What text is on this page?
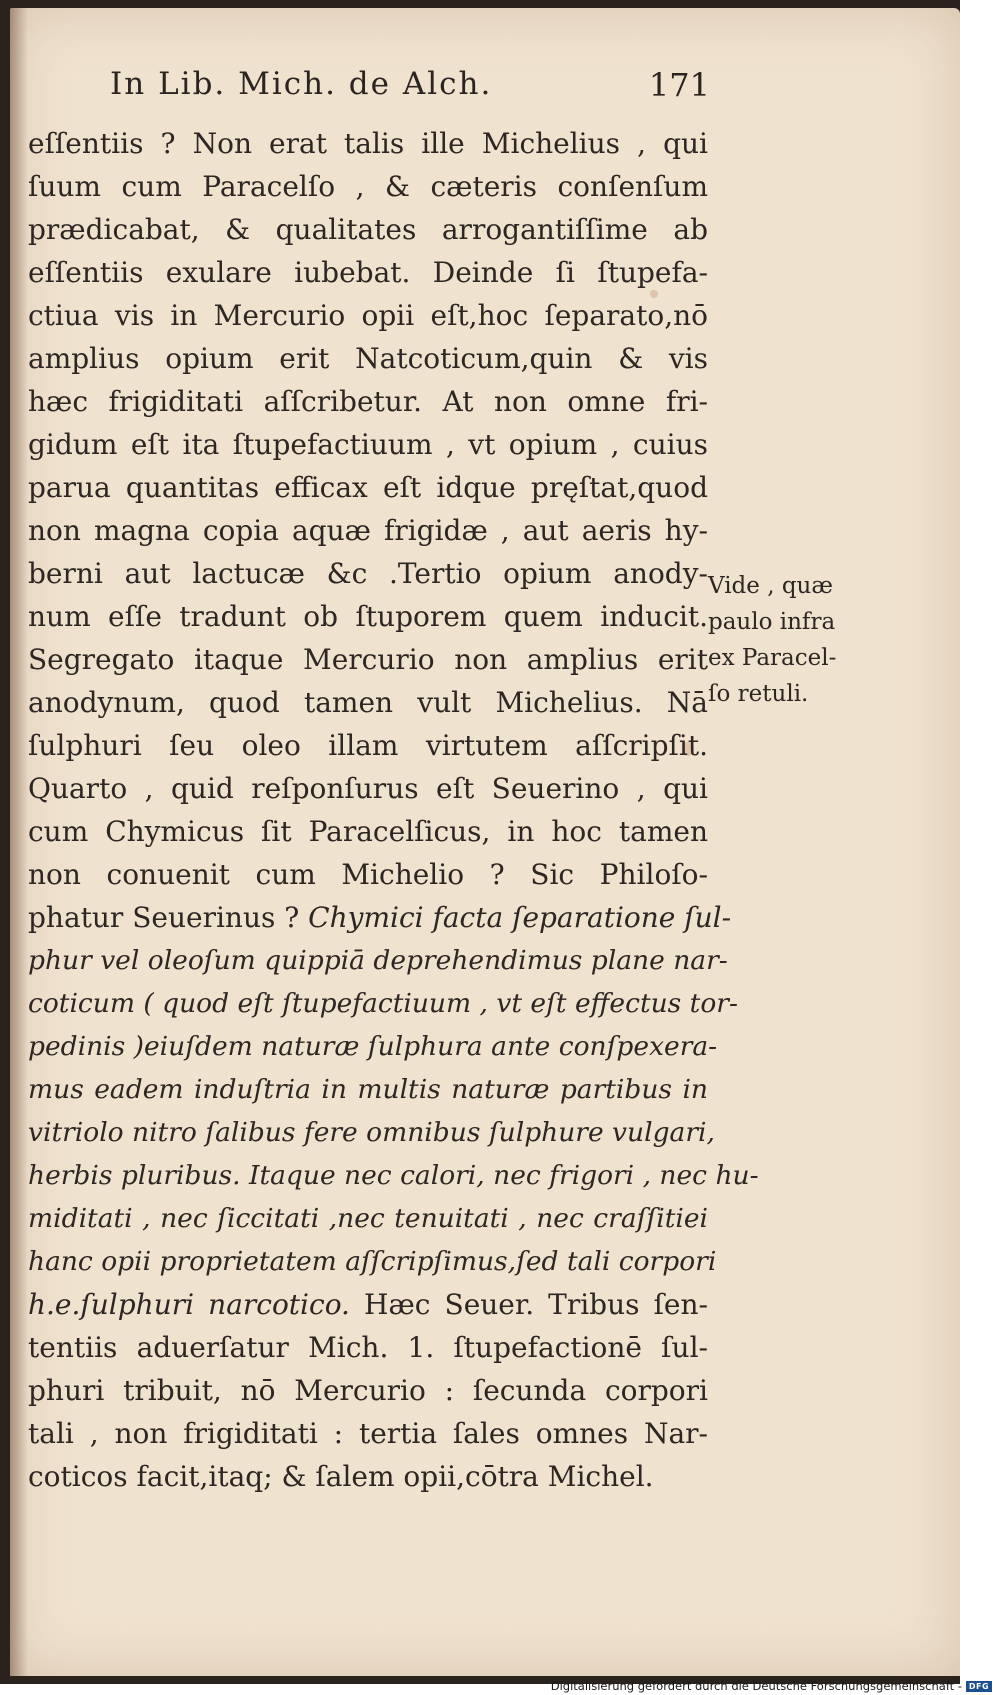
In Lib. Mich. de Alch.	171
eſſentiis ? Non erat talis ille Michelius , qui
ſuum cum Paracelſo , & cæteris conſenſum
prædicabat, & qualitates arrogantiſſime ab
eſſentiis exulare iubebat. Deinde ſi ſtupefa-
ctiua vis in Mercurio opii eſt,hoc ſeparato,nō
amplius opium erit Natcoticum,quin & vis
hæc frigiditati aſſcribetur. At non omne fri-
gidum eſt ita ſtupefactiuum , vt opium , cuius
parua quantitas efficax eſt idque pręſtat,quod
non magna copia aquæ frigidæ , aut aeris hy-
berni aut lactucæ &c .Tertio opium anody-
num eſſe tradunt ob ſtuporem quem inducit.
Segregato itaque Mercurio non amplius erit
anodynum, quod tamen vult Michelius. Nā
ſulphuri ſeu oleo illam virtutem aſſcripſit.
Quarto , quid reſponſurus eſt Seuerino , qui
cum Chymicus ſit Paracelſicus, in hoc tamen
non conuenit cum Michelio ? Sic Philoſo-
phatur Seuerinus ? Chymici facta ſeparatione ſul-
phur vel oleoſum quippiā deprehendimus plane nar-
coticum ( quod eſt ſtupefactiuum , vt eſt effectus tor-
pedinis )eiuſdem naturæ ſulphura ante conſpexera-
mus eadem induſtria in multis naturæ partibus in
vitriolo nitro ſalibus fere omnibus ſulphure vulgari,
herbis pluribus. Itaque nec calori, nec frigori , nec hu-
miditati , nec ſiccitati ,nec tenuitati , nec craſſitiei
hanc opii proprietatem aſſcripſimus,ſed tali corpori
h.e.ſulphuri narcotico. Hæc Seuer. Tribus ſen-
tentiis aduerſatur Mich. 1. ſtupefactionē ſul-
phuri tribuit, nō Mercurio : ſecunda corpori
tali , non frigiditati : tertia ſales omnes Nar-
coticos facit,itaq; & ſalem opii,cōtra Michel.
Vide , quæ
paulo infra
ex Paracel-
ſo retuli.
Digitalisierung gefördert durch die Deutsche Forschungsgemeinschaft - DFG
